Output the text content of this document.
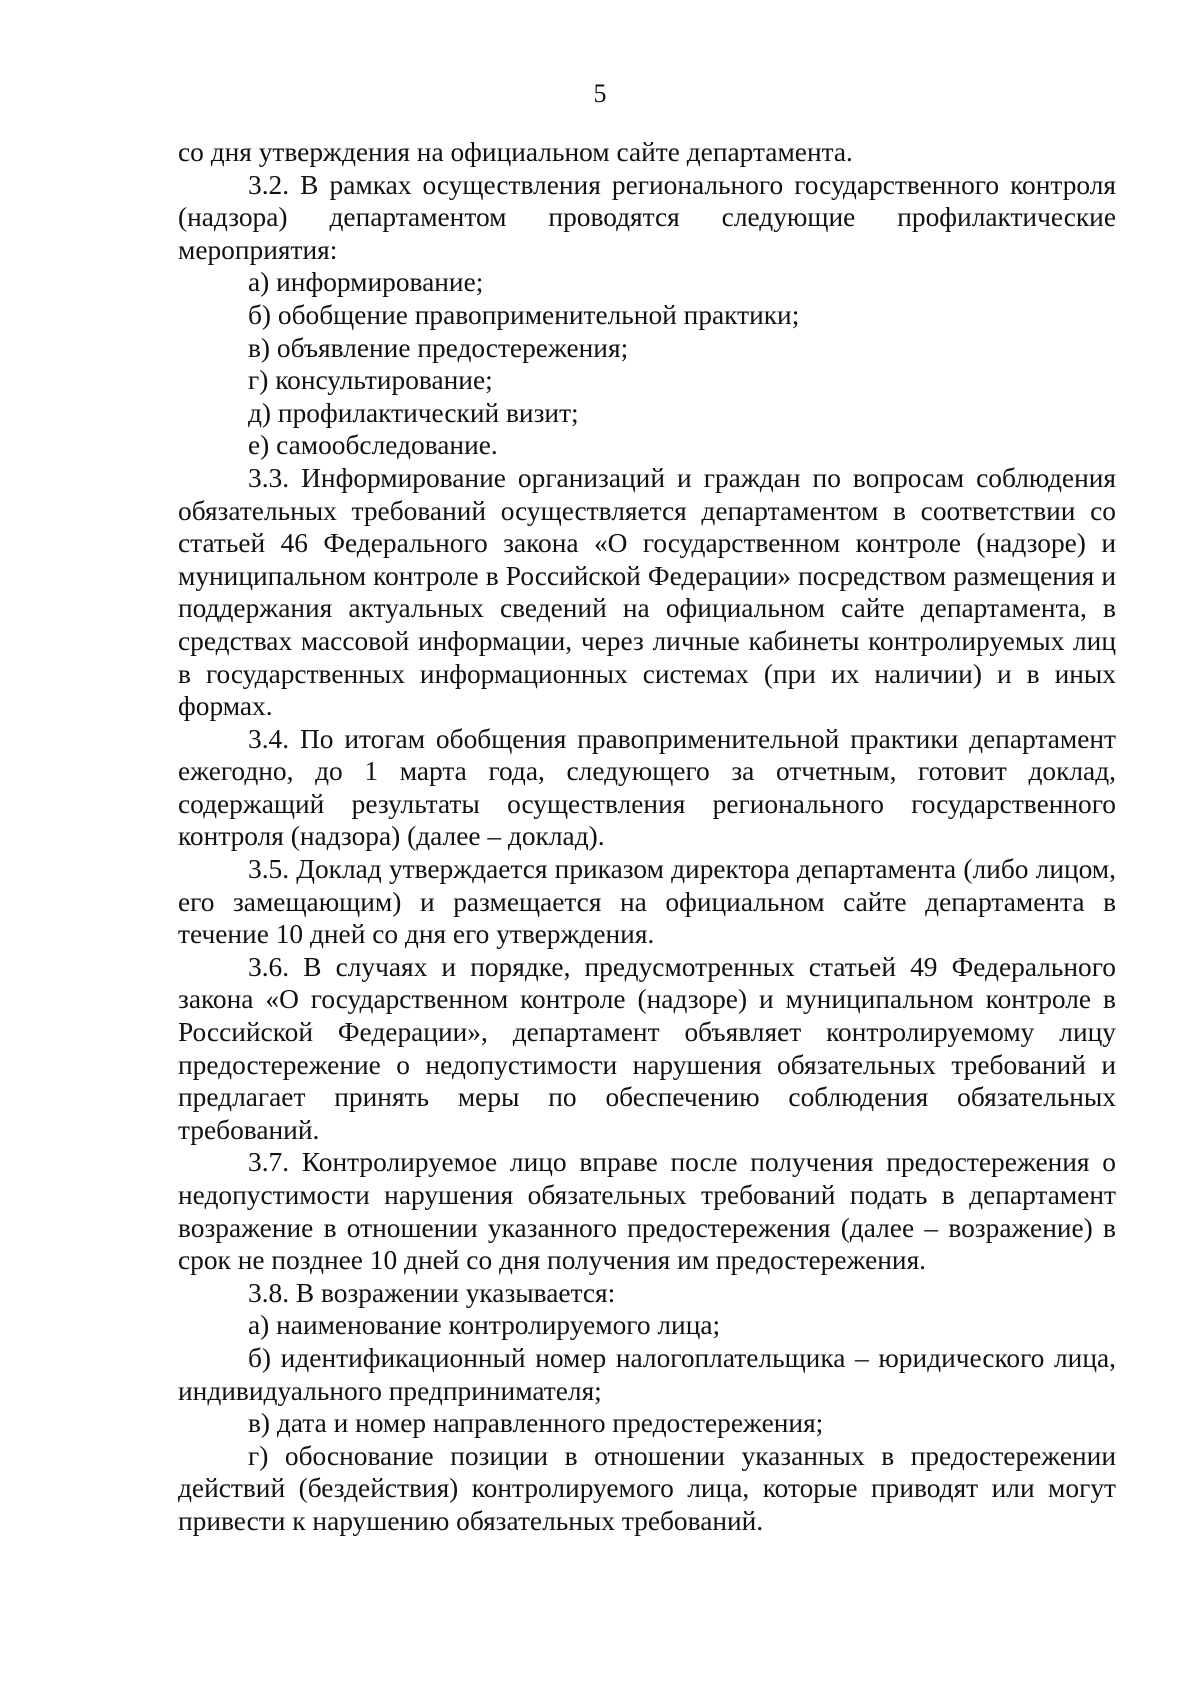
5

со дня утверждения на официальном сайте департамента.

3.2. В рамках осуществления регионального государственного контроля (надзора) департаментом проводятся следующие профилактические мероприятия:

а) информирование;

б) обобщение правоприменительной практики;

в) объявление предостережения;

г) консультирование;

д) профилактический визит;

е) самообследование.

3.3. Информирование организаций и граждан по вопросам соблюдения обязательных требований осуществляется департаментом в соответствии со статьей 46 Федерального закона «О государственном контроле (надзоре) и муниципальном контроле в Российской Федерации» посредством размещения и поддержания актуальных сведений на официальном сайте департамента, в средствах массовой информации, через личные кабинеты контролируемых лиц в государственных информационных системах (при их наличии) и в иных формах.

3.4. По итогам обобщения правоприменительной практики департамент ежегодно, до 1 марта года, следующего за отчетным, готовит доклад, содержащий результаты осуществления регионального государственного контроля (надзора) (далее – доклад).

3.5. Доклад утверждается приказом директора департамента (либо лицом, его замещающим) и размещается на официальном сайте департамента в течение 10 дней со дня его утверждения.

3.6. В случаях и порядке, предусмотренных статьей 49 Федерального закона «О государственном контроле (надзоре) и муниципальном контроле в Российской Федерации», департамент объявляет контролируемому лицу предостережение о недопустимости нарушения обязательных требований и предлагает принять меры по обеспечению соблюдения обязательных требований.

3.7. Контролируемое лицо вправе после получения предостережения о недопустимости нарушения обязательных требований подать в департамент возражение в отношении указанного предостережения (далее – возражение) в срок не позднее 10 дней со дня получения им предостережения.

3.8. В возражении указывается:

а) наименование контролируемого лица;

б) идентификационный номер налогоплательщика – юридического лица, индивидуального предпринимателя;

в) дата и номер направленного предостережения;

г) обоснование позиции в отношении указанных в предостережении действий (бездействия) контролируемого лица, которые приводят или могут привести к нарушению обязательных требований.
